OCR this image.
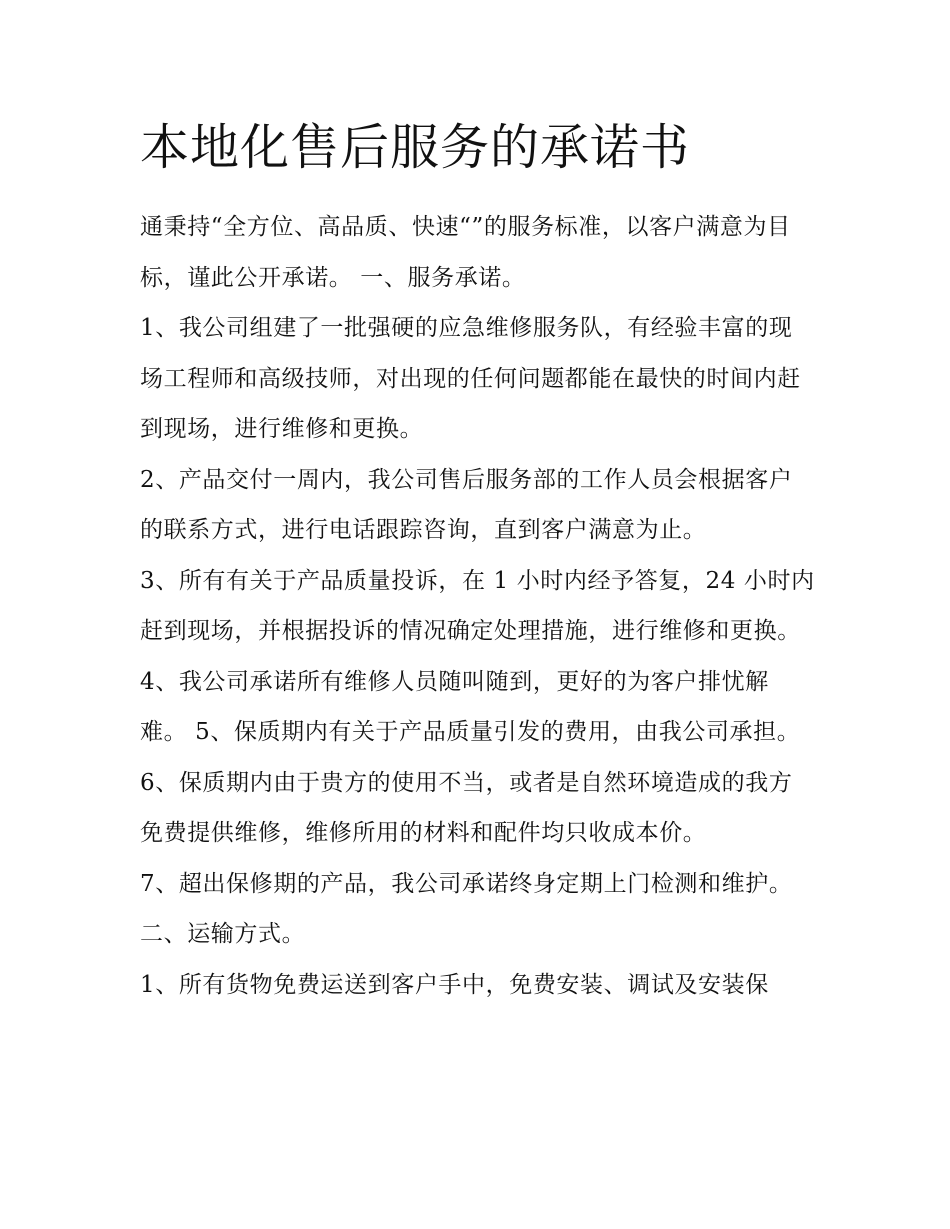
本地化售后服务的承诺书

通秉持“全方位、高品质、快速“”的服务标准，以客户满意为目标，谨此公开承诺。 一、服务承诺。

1、我公司组建了一批强硬的应急维修服务队，有经验丰富的现场工程师和高级技师，对出现的任何问题都能在最快的时间内赶到现场，进行维修和更换。

2、产品交付一周内，我公司售后服务部的工作人员会根据客户的联系方式，进行电话跟踪咨询，直到客户满意为止。

3、所有有关于产品质量投诉，在 1 小时内经予答复，24 小时内赶到现场，并根据投诉的情况确定处理措施，进行维修和更换。

4、我公司承诺所有维修人员随叫随到，更好的为客户排忧解难。 5、保质期内有关于产品质量引发的费用，由我公司承担。

6、保质期内由于贵方的使用不当，或者是自然环境造成的我方免费提供维修，维修所用的材料和配件均只收成本价。

7、超出保修期的产品，我公司承诺终身定期上门检测和维护。 二、运输方式。

1、所有货物免费运送到客户手中，免费安装、调试及安装保
